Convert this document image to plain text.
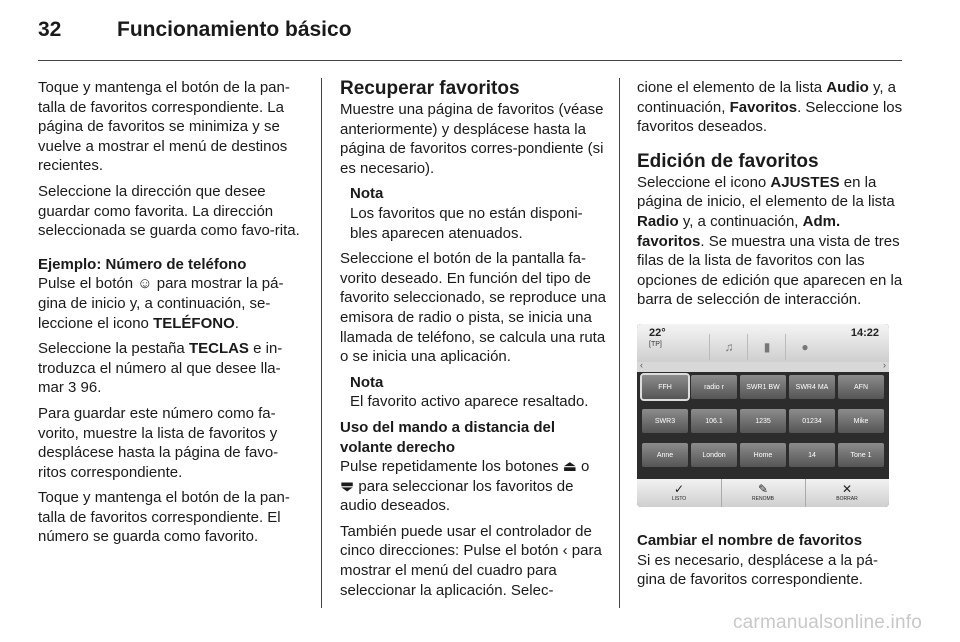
32	Funcionamiento básico

Toque y mantenga el botón de la pan-talla de favoritos correspondiente. La página de favoritos se minimiza y se vuelve a mostrar el menú de destinos recientes.

Seleccione la dirección que desee guardar como favorita. La dirección seleccionada se guarda como favo-rita.

Ejemplo: Número de teléfono

Pulse el botón ☺ para mostrar la pá-gina de inicio y, a continuación, se-leccione el icono TELÉFONO.

Seleccione la pestaña TECLAS e in-troduzca el número al que desee lla-mar 3 96.

Para guardar este número como fa-vorito, muestre la lista de favoritos y desplácese hasta la página de favo-ritos correspondiente.

Toque y mantenga el botón de la pan-talla de favoritos correspondiente. El número se guarda como favorito.

Recuperar favoritos

Muestre una página de favoritos (véase anteriormente) y desplácese hasta la página de favoritos corres-pondiente (si es necesario).

Nota
Los favoritos que no están disponi-bles aparecen atenuados.

Seleccione el botón de la pantalla fa-vorito deseado. En función del tipo de favorito seleccionado, se reproduce una emisora de radio o pista, se inicia una llamada de teléfono, se calcula una ruta o se inicia una aplicación.

Nota
El favorito activo aparece resaltado.
Uso del mando a distancia del volante derecho

Pulse repetidamente los botones ⏏ o ⏏ para seleccionar los favoritos de audio deseados.

También puede usar el controlador de cinco direcciones: Pulse el botón ‹ para mostrar el menú del cuadro para seleccionar la aplicación. Selec-

cione el elemento de la lista Audio y, a continuación, Favoritos. Seleccione los favoritos deseados.

Edición de favoritos

Seleccione el icono AJUSTES en la página de inicio, el elemento de la lista Radio y, a continuación, Adm. favoritos. Se muestra una vista de tres filas de la lista de favoritos con las opciones de edición que aparecen en la barra de selección de interacción.

Cambiar el nombre de favoritos

Si es necesario, desplácese a la pá-gina de favoritos correspondiente.

22°
[TP]	♫	▮	●
14:22
‹	›
FFH	radio r	SWR1 BW	SWR4 MA	AFN
SWR3	106.1	1235	01234	Mike
Anne	London	Home	14	Tone 1
✓
LISTO
✎
RENOMB
✕
BORRAR
carmanualsonline.info
